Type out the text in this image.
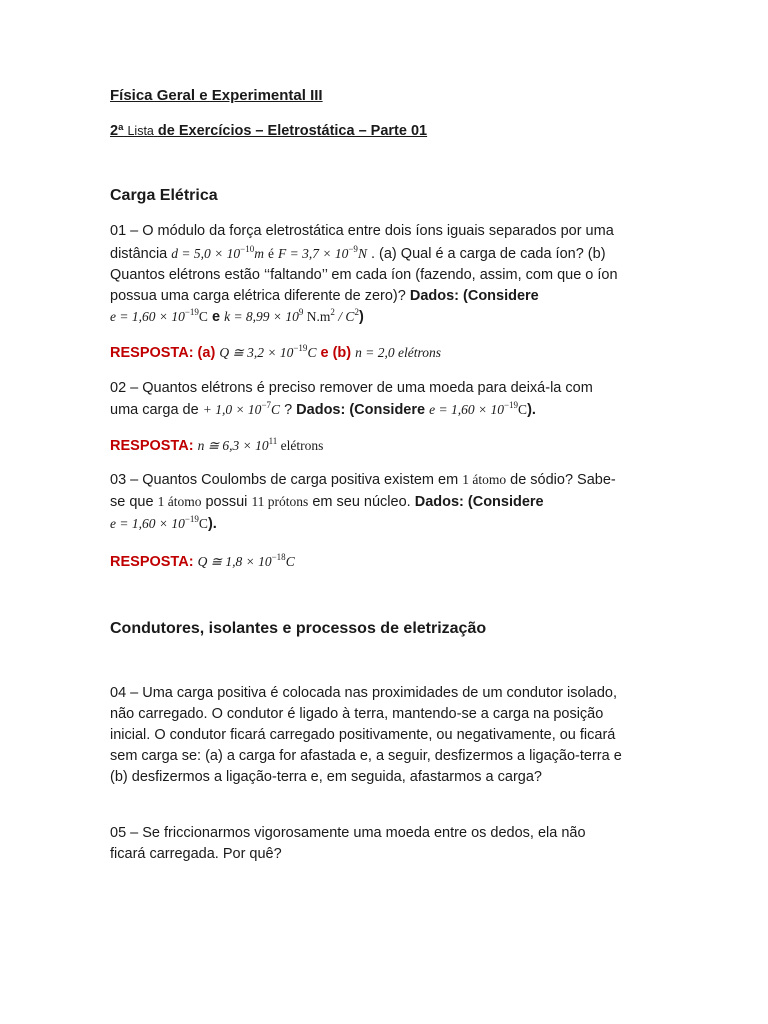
Física Geral e Experimental III
2ª Lista de Exercícios – Eletrostática – Parte 01
Carga Elétrica
01 – O módulo da força eletrostática entre dois íons iguais separados por uma
distância $d = 5,0 \times 10^{-10}m$ é $F = 3,7 \times 10^{-9}N$ . (a) Qual é a carga de cada íon? (b)
Quantos elétrons estão ‘‘faltando’’ em cada íon (fazendo, assim, com que o íon
possua uma carga elétrica diferente de zero)? Dados: (Considere
$e = 1,60 \times 10^{-19}C$ e $k = 8,99 \times 10^9$ $N.m^2 / C^2$)
RESPOSTA: (a) Q ≅ $3,2 \times 10^{-19}C$ e (b) n = 2,0 elétrons
02 – Quantos elétrons é preciso remover de uma moeda para deixá-la com
uma carga de + $1,0 \times 10^{-7}C$ ? Dados: (Considere $e = 1,60 \times 10^{-19}C$).
RESPOSTA: n ≅ $6,3 \times 10^{11}$ elétrons
03 – Quantos Coulombs de carga positiva existem em 1 átomo de sódio? Sabe-
se que 1 átomo possui 11 prótons em seu núcleo. Dados: (Considere
$e = 1,60 \times 10^{-19}C$).
RESPOSTA: Q ≅ $1,8 \times 10^{-18}C$
Condutores, isolantes e processos de eletrização
04 – Uma carga positiva é colocada nas proximidades de um condutor isolado,
não carregado. O condutor é ligado à terra, mantendo-se a carga na posição
inicial. O condutor ficará carregado positivamente, ou negativamente, ou ficará
sem carga se: (a) a carga for afastada e, a seguir, desfizermos a ligação-terra e
(b) desfizermos a ligação-terra e, em seguida, afastarmos a carga?
05 – Se friccionarmos vigorosamente uma moeda entre os dedos, ela não
ficará carregada. Por quê?
